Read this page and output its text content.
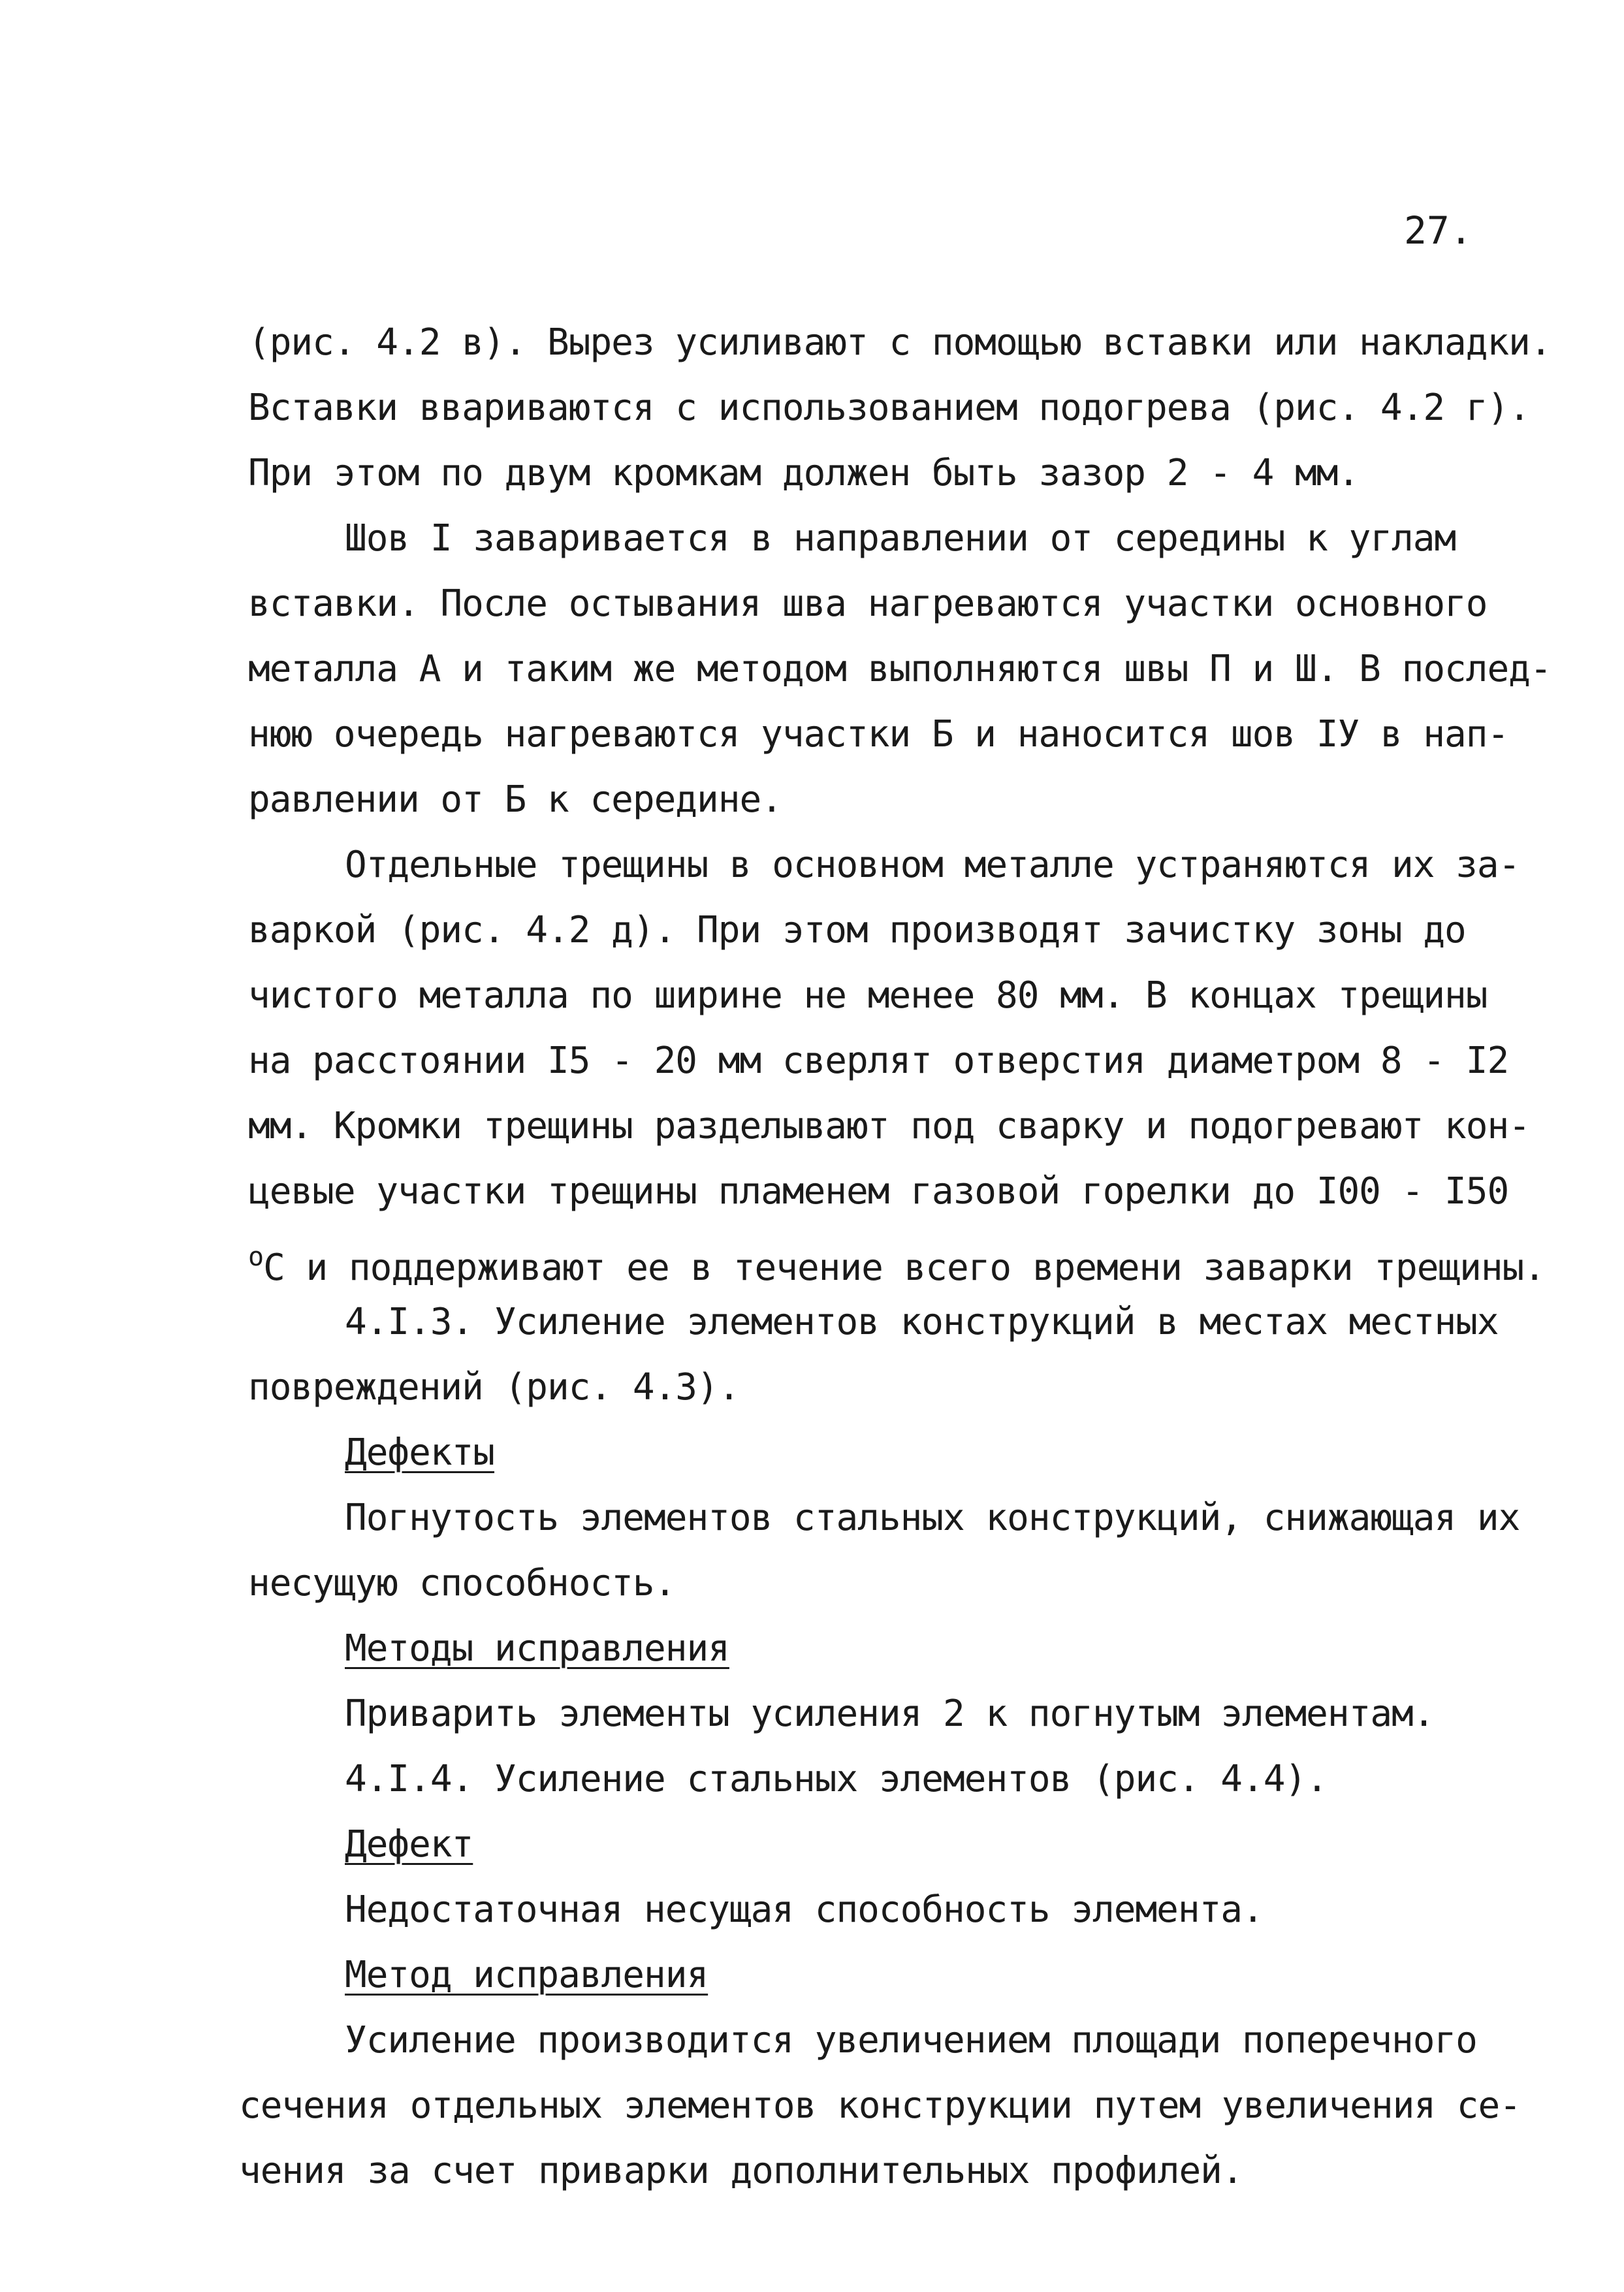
27.
(рис. 4.2 в). Вырез усиливают с помощью вставки или накладки.
Вставки ввариваются с использованием подогрева (рис. 4.2 г).
При этом по двум кромкам должен быть зазор 2 - 4 мм.
Шов I заваривается в направлении от середины к углам
вставки. После остывания шва нагреваются участки основного
металла А и таким же методом выполняются швы П и Ш. В послед-
нюю очередь нагреваются участки Б и наносится шов IУ в нап-
равлении от Б к середине.
Отдельные трещины в основном металле устраняются их за-
варкой (рис. 4.2 д). При этом производят зачистку зоны до
чистого металла по ширине не менее 80 мм. В концах трещины
на расстоянии I5 - 20 мм сверлят отверстия диаметром 8 - I2
мм. Кромки трещины разделывают под сварку и подогревают кон-
цевые участки трещины пламенем газовой горелки до I00 - I50
$^о$С и поддерживают ее в течение всего времени заварки трещины.
4.I.3. Усиление элементов конструкций в местах местных
повреждений (рис. 4.3).
Дефекты
Погнутость элементов стальных конструкций, снижающая их
несущую способность.
Методы исправления
Приварить элементы усиления 2 к погнутым элементам.
4.I.4. Усиление стальных элементов (рис. 4.4).
Дефект
Недостаточная несущая способность элемента.
Метод исправления
Усиление производится увеличением площади поперечного
сечения отдельных элементов конструкции путем увеличения се-
чения за счет приварки дополнительных профилей.
